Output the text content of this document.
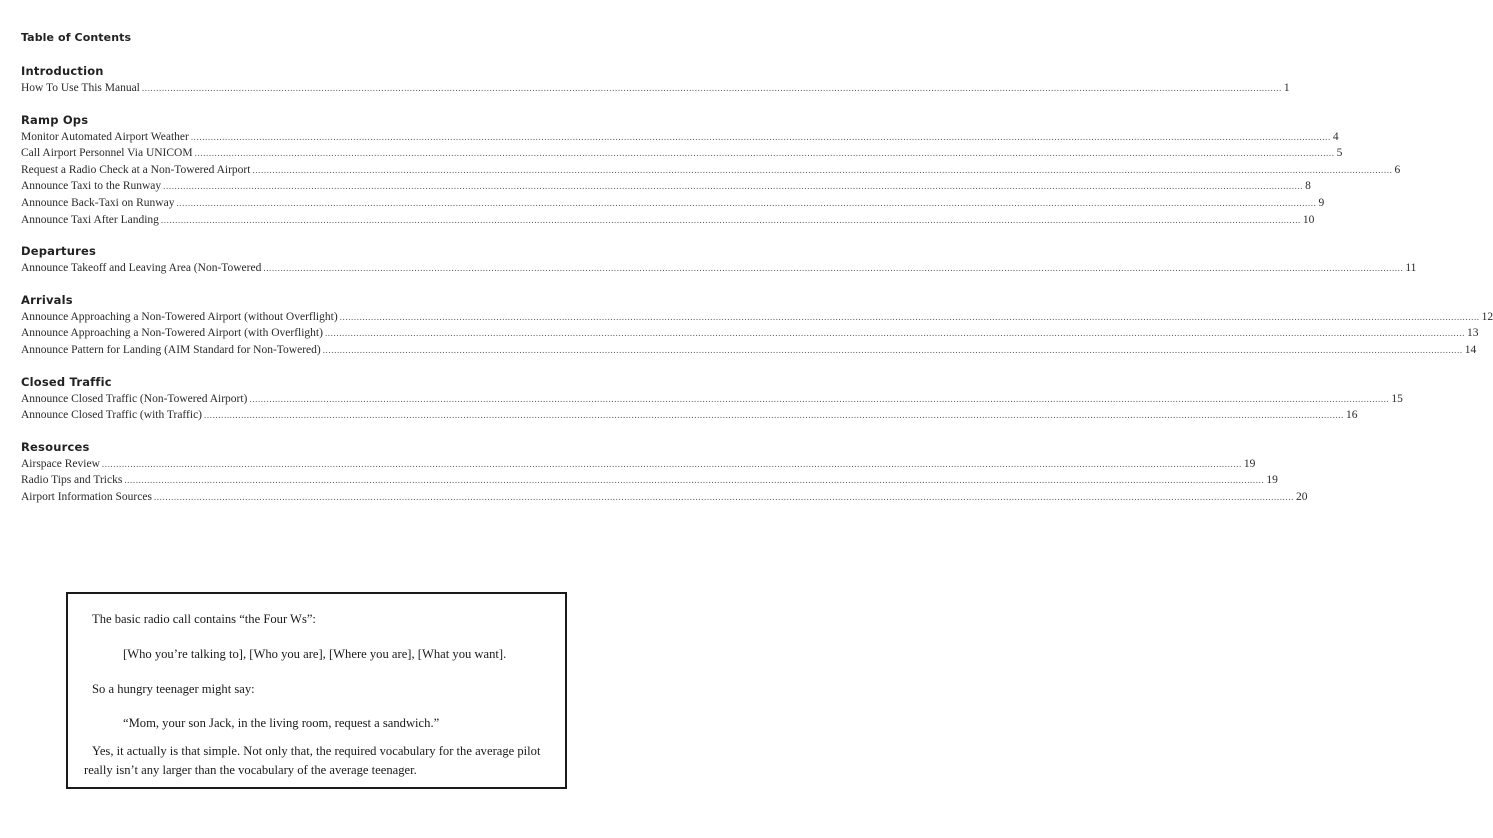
Table of Contents
Introduction
How To Use This Manual ................................................................................................................................................................................................................................................................................................................................................................................................................ 1
Ramp Ops
Monitor Automated Airport Weather ................................................................................................................................................................................................................................................................................................................................................................................................................ 4
Call Airport Personnel Via UNICOM ................................................................................................................................................................................................................................................................................................................................................................................................................ 5
Request a Radio Check at a Non-Towered Airport ................................................................................................................................................................................................................................................................................................................................................................................................................ 6
Announce Taxi to the Runway ................................................................................................................................................................................................................................................................................................................................................................................................................ 8
Announce Back-Taxi on Runway ................................................................................................................................................................................................................................................................................................................................................................................................................ 9
Announce Taxi After Landing ................................................................................................................................................................................................................................................................................................................................................................................................................ 10
Departures
Announce Takeoff and Leaving Area (Non-Towered ................................................................................................................................................................................................................................................................................................................................................................................................................ 11
Arrivals
Announce Approaching a Non-Towered Airport (without Overflight) ................................................................................................................................................................................................................................................................................................................................................................................................................ 12
Announce Approaching a Non-Towered Airport (with Overflight) ................................................................................................................................................................................................................................................................................................................................................................................................................ 13
Announce Pattern for Landing (AIM Standard for Non-Towered) ................................................................................................................................................................................................................................................................................................................................................................................................................ 14
Closed Traffic
Announce Closed Traffic (Non-Towered Airport) ................................................................................................................................................................................................................................................................................................................................................................................................................ 15
Announce Closed Traffic (with Traffic) ................................................................................................................................................................................................................................................................................................................................................................................................................ 16
Resources
Airspace Review ................................................................................................................................................................................................................................................................................................................................................................................................................ 19
Radio Tips and Tricks ................................................................................................................................................................................................................................................................................................................................................................................................................ 19
Airport Information Sources ................................................................................................................................................................................................................................................................................................................................................................................................................ 20

The basic radio call contains “the Four Ws”:

[Who you’re talking to], [Who you are], [Where you are], [What you want].

So a hungry teenager might say:

“Mom, your son Jack, in the living room, request a sandwich.”

Yes, it actually is that simple. Not only that, the required vocabulary for the average pilot really isn’t any larger than the vocabulary of the average teenager.
